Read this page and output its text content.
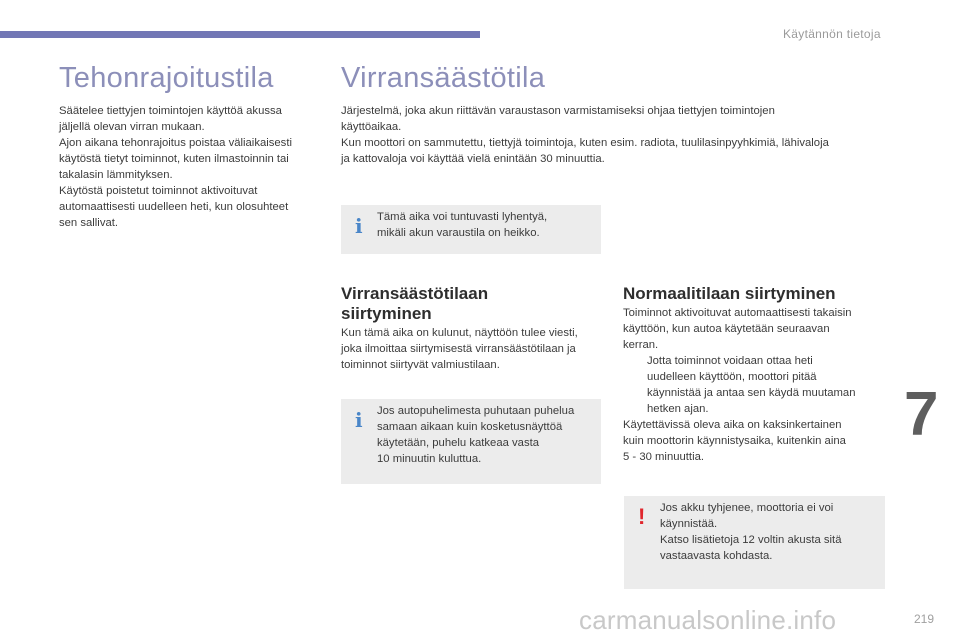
Käytännön tietoja
Tehonrajoitustila

Säätelee tiettyjen toimintojen käyttöä akussa

jäljellä olevan virran mukaan.

Ajon aikana tehonrajoitus poistaa väliaikaisesti

käytöstä tietyt toiminnot, kuten ilmastoinnin tai

takalasin lämmityksen.

Käytöstä poistetut toiminnot aktivoituvat

automaattisesti uudelleen heti, kun olosuhteet

sen sallivat.

Virransäästötila

Järjestelmä, joka akun riittävän varaustason varmistamiseksi ohjaa tiettyjen toimintojen

käyttöaikaa.

Kun moottori on sammutettu, tiettyjä toimintoja, kuten esim. radiota, tuulilasinpyyhkimiä, lähivaloja

ja kattovaloja voi käyttää vielä enintään 30 minuuttia.

i Tämä aika voi tuntuvasti lyhentyä,

mikäli akun varaustila on heikko.

Virransäästötilaan
siirtyminen

Kun tämä aika on kulunut, näyttöön tulee viesti,

joka ilmoittaa siirtymisestä virransäästötilaan ja

toiminnot siirtyvät valmiustilaan.

i Jos autopuhelimesta puhutaan puhelua

samaan aikaan kuin kosketusnäyttöä

käytetään, puhelu katkeaa vasta

10 minuutin kuluttua.

Normaalitilaan siirtyminen

Toiminnot aktivoituvat automaattisesti takaisin

käyttöön, kun autoa käytetään seuraavan

kerran.

Jotta toiminnot voidaan ottaa heti

uudelleen käyttöön, moottori pitää

käynnistää ja antaa sen käydä muutaman

hetken ajan.

Käytettävissä oleva aika on kaksinkertainen

kuin moottorin käynnistysaika, kuitenkin aina

5 - 30 minuuttia.

! Jos akku tyhjenee, moottoria ei voi

käynnistää.

Katso lisätietoja 12 voltin akusta sitä

vastaavasta kohdasta.

7
carmanualsonline.info	219
